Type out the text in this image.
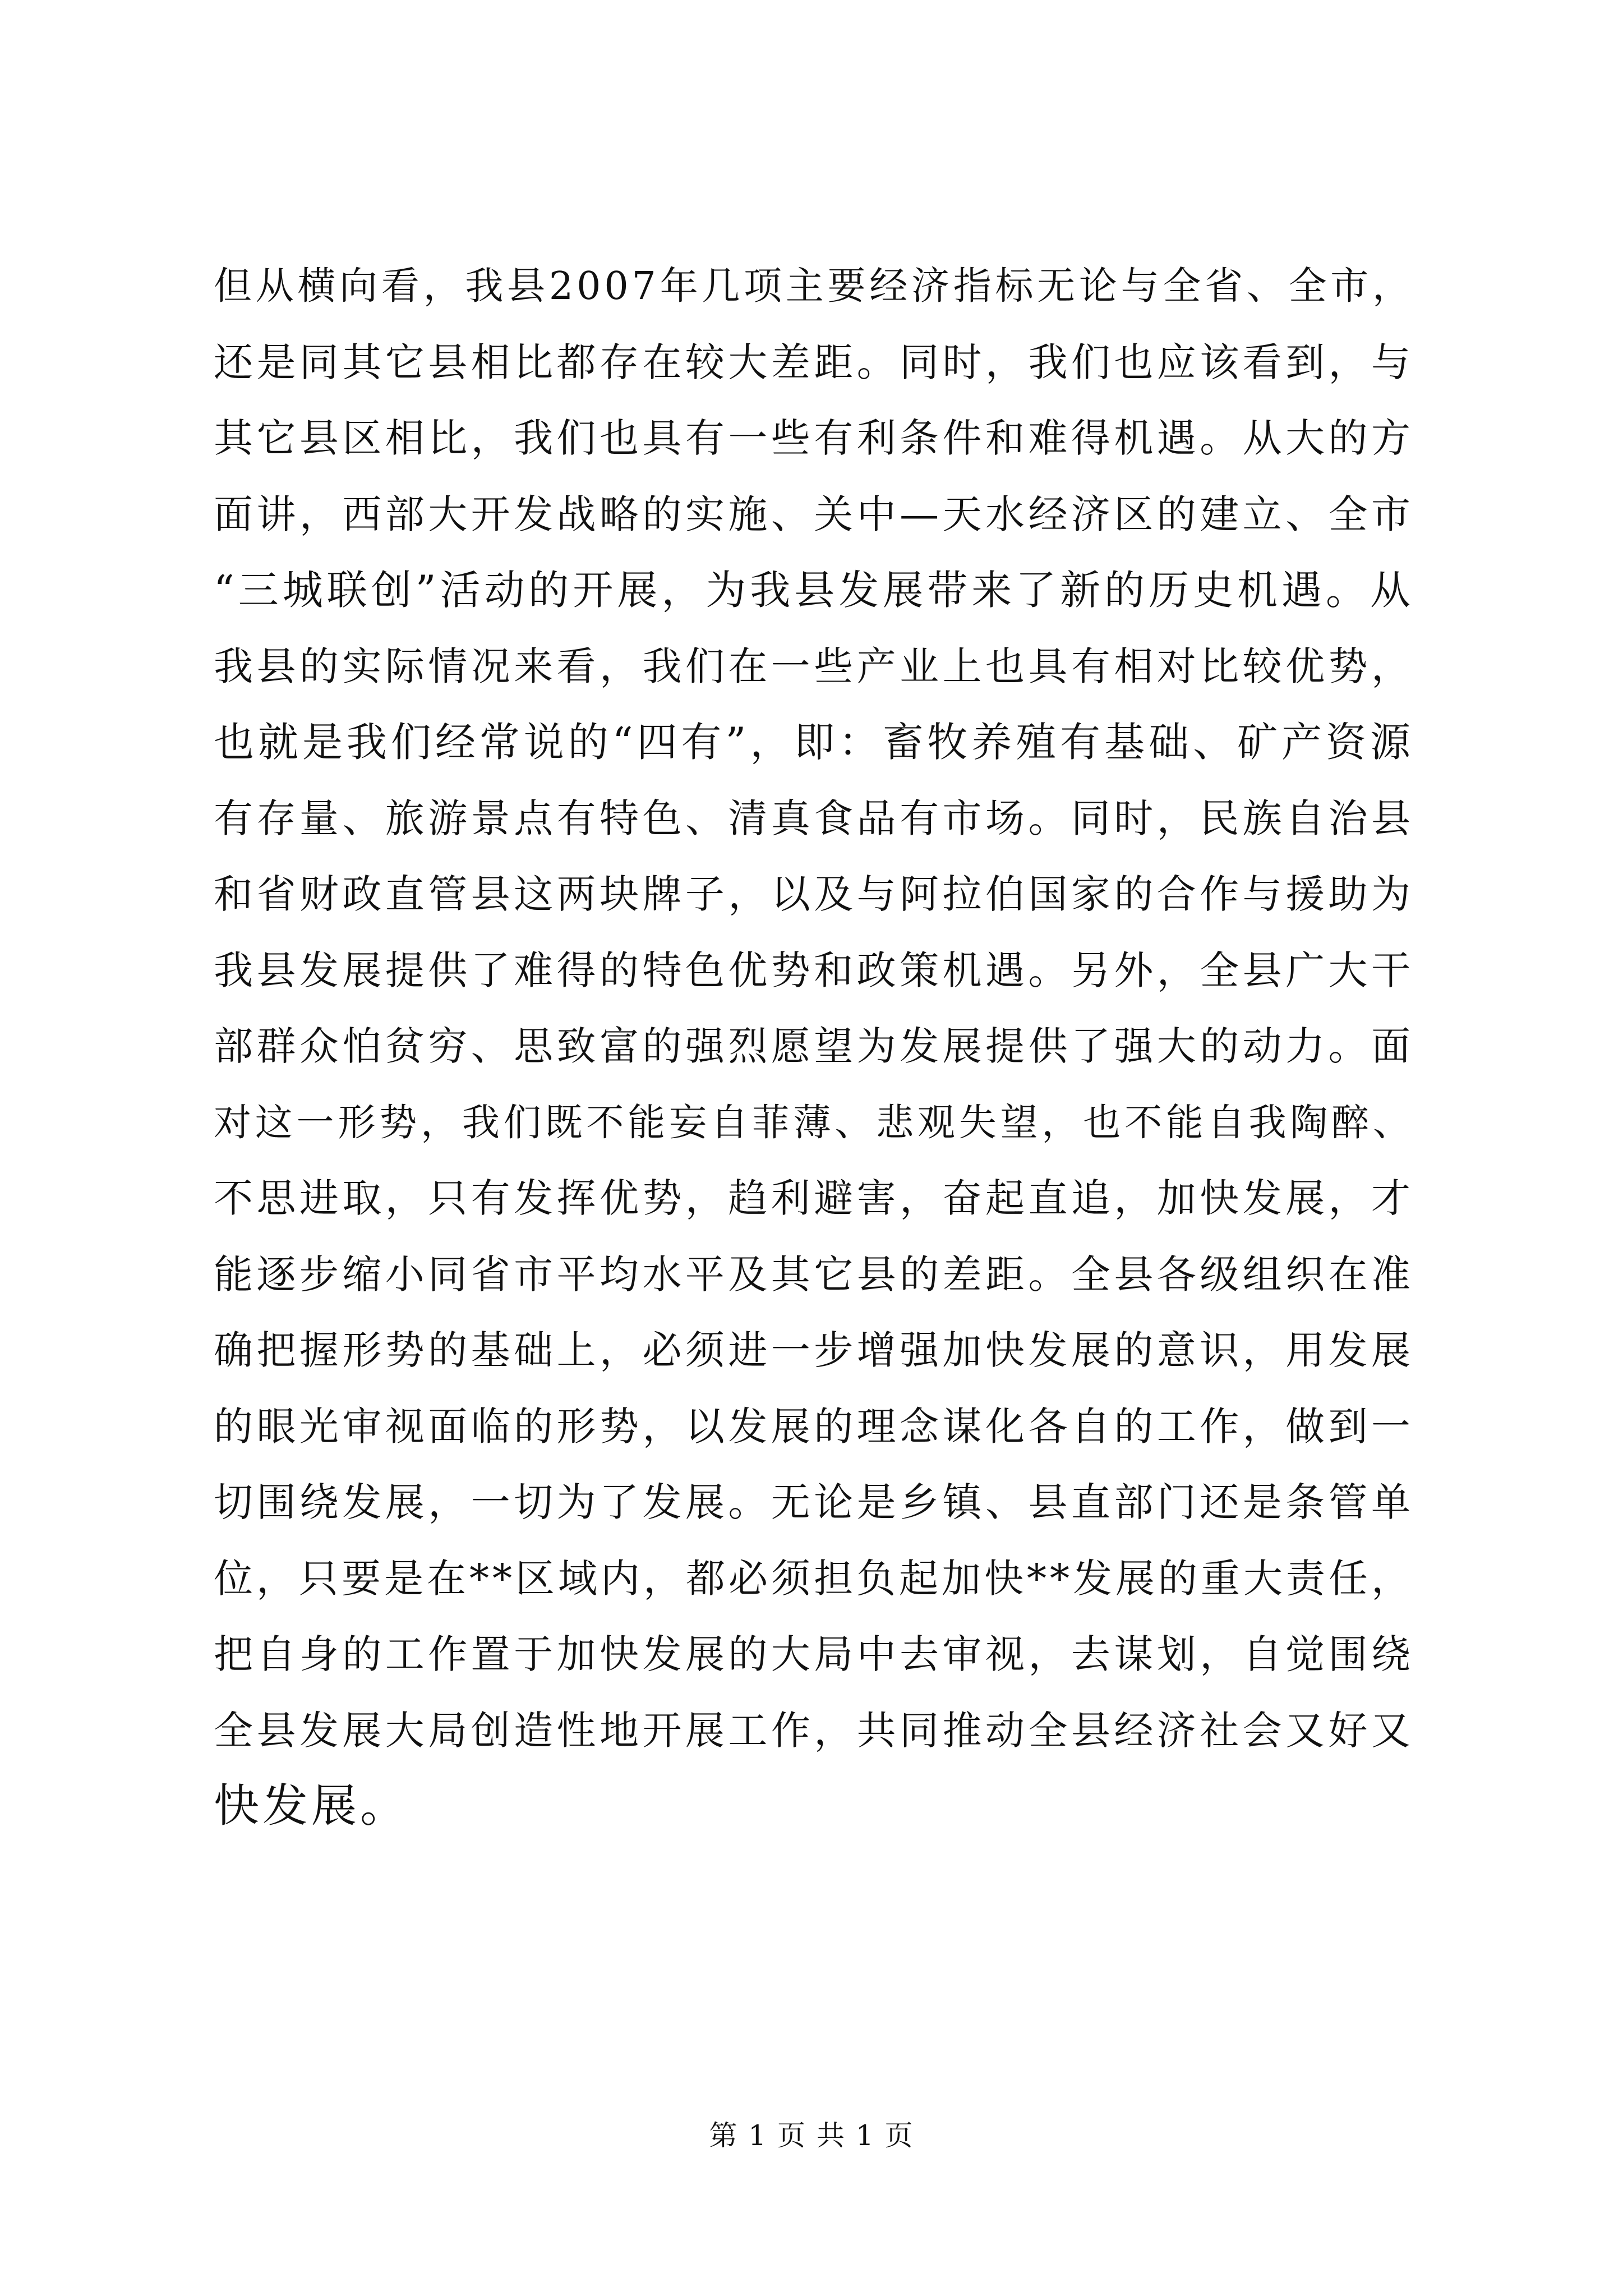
但从横向看，我县2007年几项主要经济指标无论与全省、全市，
还是同其它县相比都存在较大差距。同时，我们也应该看到，与
其它县区相比，我们也具有一些有利条件和难得机遇。从大的方
面讲，西部大开发战略的实施、关中—天水经济区的建立、全市
“三城联创”活动的开展，为我县发展带来了新的历史机遇。从
我县的实际情况来看，我们在一些产业上也具有相对比较优势，
也就是我们经常说的“四有”，即：畜牧养殖有基础、矿产资源
有存量、旅游景点有特色、清真食品有市场。同时，民族自治县
和省财政直管县这两块牌子，以及与阿拉伯国家的合作与援助为
我县发展提供了难得的特色优势和政策机遇。另外，全县广大干
部群众怕贫穷、思致富的强烈愿望为发展提供了强大的动力。面
对这一形势，我们既不能妄自菲薄、悲观失望，也不能自我陶醉、
不思进取，只有发挥优势，趋利避害，奋起直追，加快发展，才
能逐步缩小同省市平均水平及其它县的差距。全县各级组织在准
确把握形势的基础上，必须进一步增强加快发展的意识，用发展
的眼光审视面临的形势，以发展的理念谋化各自的工作，做到一
切围绕发展，一切为了发展。无论是乡镇、县直部门还是条管单
位，只要是在**区域内，都必须担负起加快**发展的重大责任，
把自身的工作置于加快发展的大局中去审视，去谋划，自觉围绕
全县发展大局创造性地开展工作，共同推动全县经济社会又好又
快发展。
第 1 页 共 1 页
